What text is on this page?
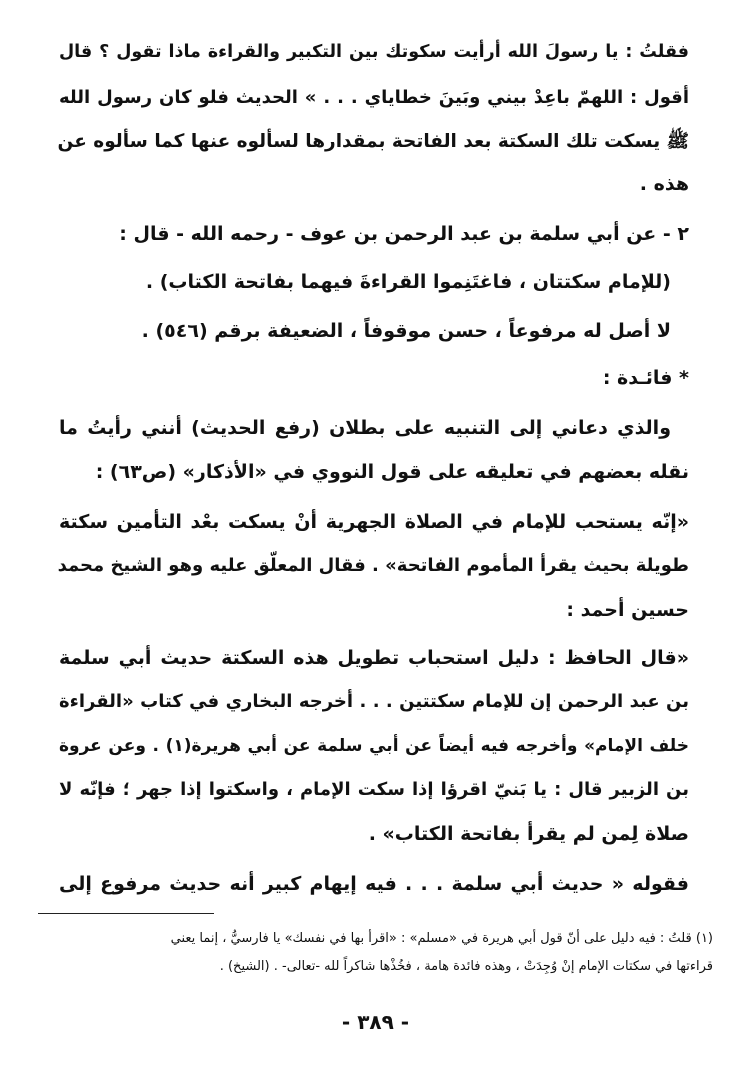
فقلتُ : يا رسولَ الله أرأيت سكوتك بين التكبير والقراءة ماذا تقول ؟ قال
أقول : اللهمّ باعِدْ بيني وبَينَ خطاياي . . . » الحديث فلو كان رسول الله
ﷺ يسكت تلك السكتة بعد الفاتحة بمقدارها لسألوه عنها كما سألوه عن
هذه .
٢ - عن أبي سلمة بن عبد الرحمن بن عوف - رحمه الله - قال :
(للإمام سكتتان ، فاغتَنِموا القراءةَ فيهما بفاتحة الكتاب) .
لا أصل له مرفوعاً ، حسن موقوفاً ، الضعيفة برقم (٥٤٦) .
* فائـدة :
والذي دعاني إلى التنبيه على بطلان (رفع الحديث) أنني رأيتُ ما
نقله بعضهم في تعليقه على قول النووي في «الأذكار» (ص٦٣) :
«إنّه يستحب للإمام في الصلاة الجهرية أنْ يسكت بعْد التأمين سكتة
طويلة بحيث يقرأ المأموم الفاتحة» . فقال المعلّق عليه وهو الشيخ محمد
حسين أحمد :
«قال الحافظ : دليل استحباب تطويل هذه السكتة حديث أبي سلمة
بن عبد الرحمن إن للإمام سكتتين . . . أخرجه البخاري في كتاب «القراءة
خلف الإمام» وأخرجه فيه أيضاً عن أبي سلمة عن أبي هريرة(١) . وعن عروة
بن الزبير قال : يا بَنيّ اقرؤا إذا سكت الإمام ، واسكتوا إذا جهر ؛ فإنّه لا
صلاة لِمن لم يقرأ بفاتحة الكتاب» .
فقوله « حديث أبي سلمة . . . فيه إيهام كبير أنه حديث مرفوع إلى
(١) قلتُ : فيه دليل على أنّ قول أبي هريرة في «مسلم» : «اقرأ بها في نفسك» يا فارسيُّ ، إنما يعني
قراءتها في سكتات الإمام إنْ وُجِدَتْ ، وهذه فائدة هامة ، فخُذْها شاكراً لله -تعالى- . (الشيخ) .
- ٣٨٩ -
